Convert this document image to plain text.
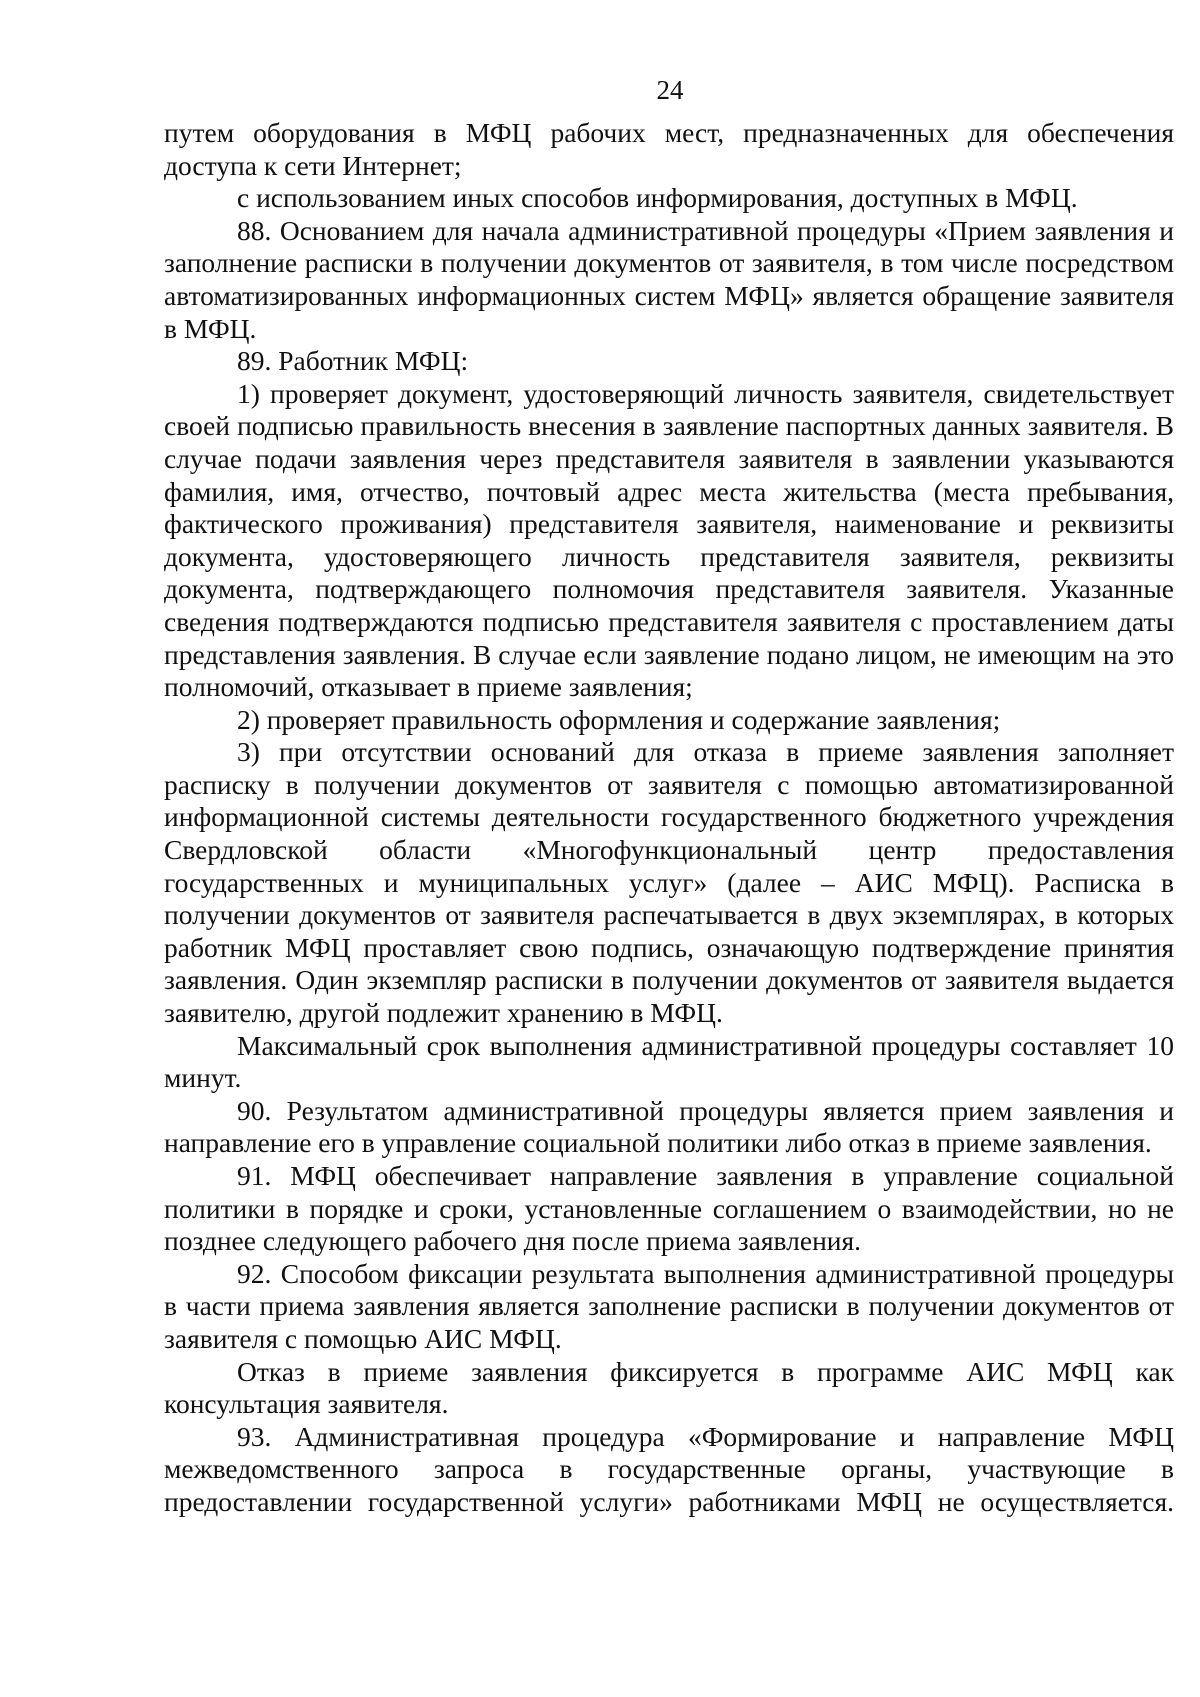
24

путем оборудования в МФЦ рабочих мест, предназначенных для обеспечения доступа к сети Интернет;

с использованием иных способов информирования, доступных в МФЦ.

88. Основанием для начала административной процедуры «Прием заявления и заполнение расписки в получении документов от заявителя, в том числе посредством автоматизированных информационных систем МФЦ» является обращение заявителя в МФЦ.

89. Работник МФЦ:

1) проверяет документ, удостоверяющий личность заявителя, свидетельствует своей подписью правильность внесения в заявление паспортных данных заявителя. В случае подачи заявления через представителя заявителя в заявлении указываются фамилия, имя, отчество, почтовый адрес места жительства (места пребывания, фактического проживания) представителя заявителя, наименование и реквизиты документа, удостоверяющего личность представителя заявителя, реквизиты документа, подтверждающего полномочия представителя заявителя. Указанные сведения подтверждаются подписью представителя заявителя с проставлением даты представления заявления. В случае если заявление подано лицом, не имеющим на это полномочий, отказывает в приеме заявления;

2) проверяет правильность оформления и содержание заявления;

3) при отсутствии оснований для отказа в приеме заявления заполняет расписку в получении документов от заявителя с помощью автоматизированной информационной системы деятельности государственного бюджетного учреждения Свердловской области «Многофункциональный центр предоставления государственных и муниципальных услуг» (далее – АИС МФЦ). Расписка в получении документов от заявителя распечатывается в двух экземплярах, в которых работник МФЦ проставляет свою подпись, означающую подтверждение принятия заявления. Один экземпляр расписки в получении документов от заявителя выдается заявителю, другой подлежит хранению в МФЦ.

Максимальный срок выполнения административной процедуры составляет 10 минут.

90. Результатом административной процедуры является прием заявления и направление его в управление социальной политики либо отказ в приеме заявления.

91. МФЦ обеспечивает направление заявления в управление социальной политики в порядке и сроки, установленные соглашением о взаимодействии, но не позднее следующего рабочего дня после приема заявления.

92. Способом фиксации результата выполнения административной процедуры в части приема заявления является заполнение расписки в получении документов от заявителя с помощью АИС МФЦ.

Отказ в приеме заявления фиксируется в программе АИС МФЦ как консультация заявителя.

93. Административная процедура «Формирование и направление МФЦ межведомственного запроса в государственные органы, участвующие в предоставлении государственной услуги» работниками МФЦ не осуществляется.
